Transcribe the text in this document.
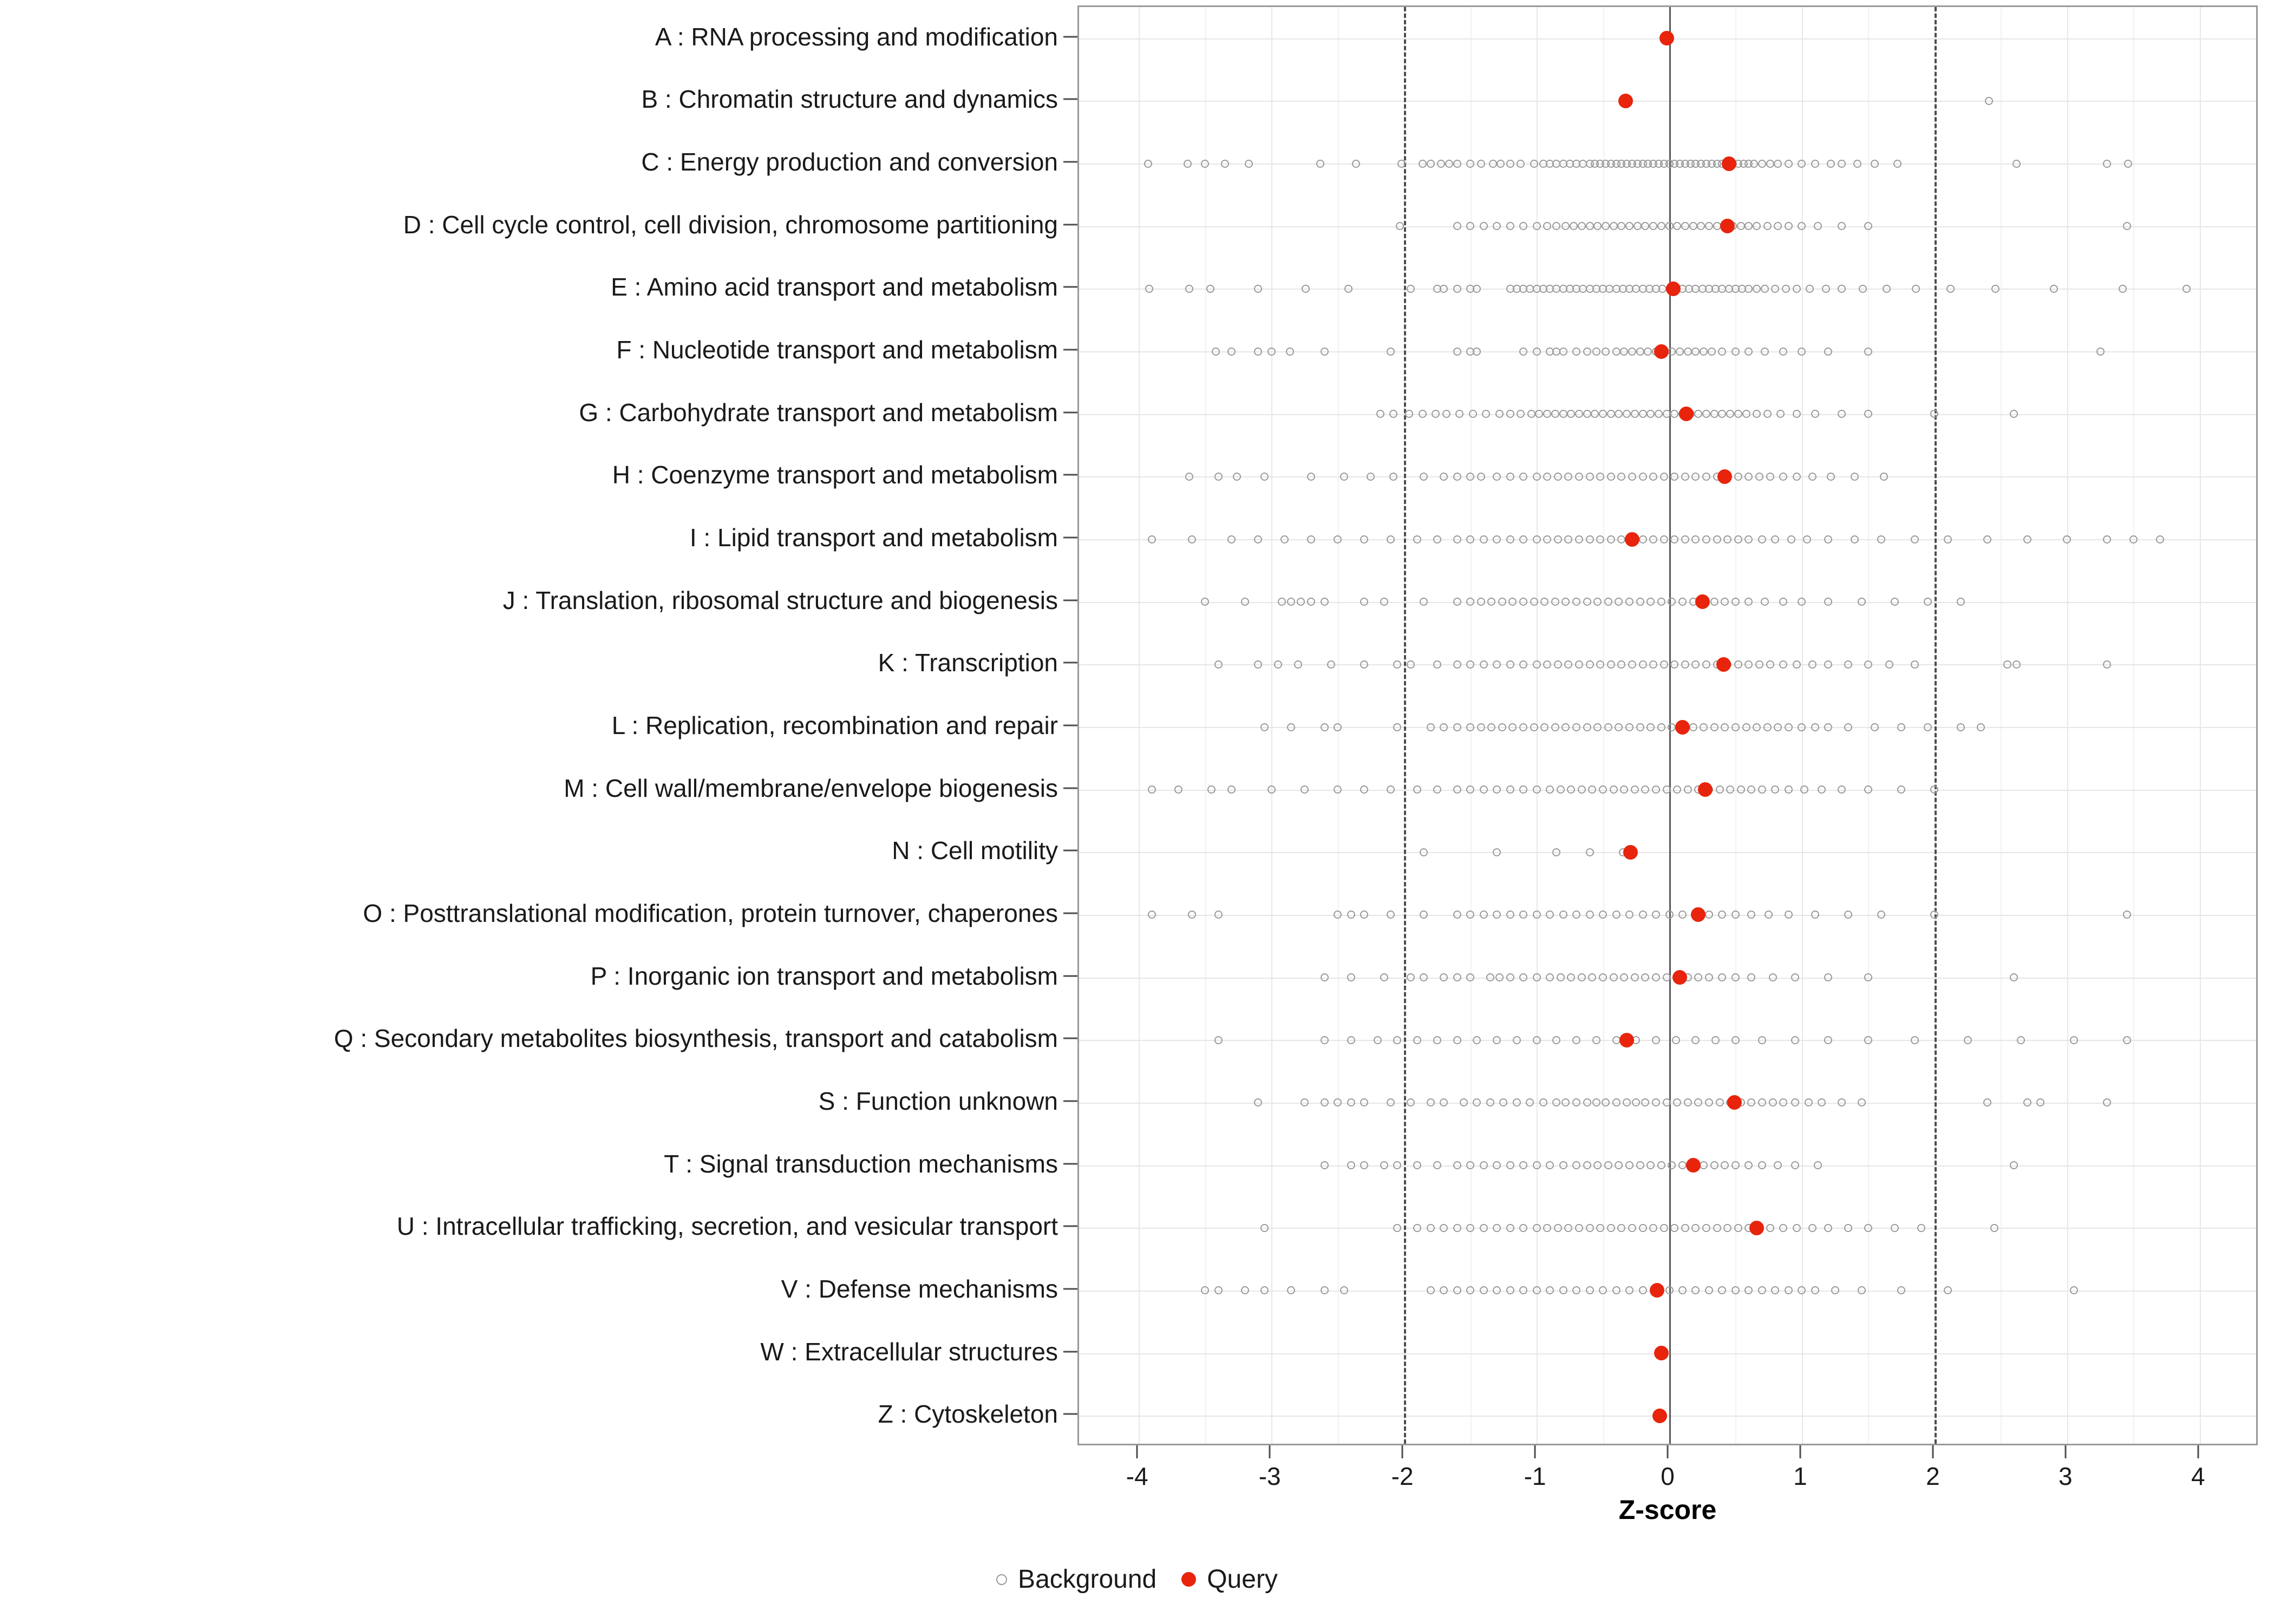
A : RNA processing and modification
B : Chromatin structure and dynamics
C : Energy production and conversion
D : Cell cycle control, cell division, chromosome partitioning
E : Amino acid transport and metabolism
F : Nucleotide transport and metabolism
G : Carbohydrate transport and metabolism
H : Coenzyme transport and metabolism
I : Lipid transport and metabolism
J : Translation, ribosomal structure and biogenesis
K : Transcription
L : Replication, recombination and repair
M : Cell wall/membrane/envelope biogenesis
N : Cell motility
O : Posttranslational modification, protein turnover, chaperones
P : Inorganic ion transport and metabolism
Q : Secondary metabolites biosynthesis, transport and catabolism
S : Function unknown
T : Signal transduction mechanisms
U : Intracellular trafficking, secretion, and vesicular transport
V : Defense mechanisms
W : Extracellular structures
Z : Cytoskeleton
-4	-3	-2	-1	0	1	2	3	4
Z-score
Background Query
